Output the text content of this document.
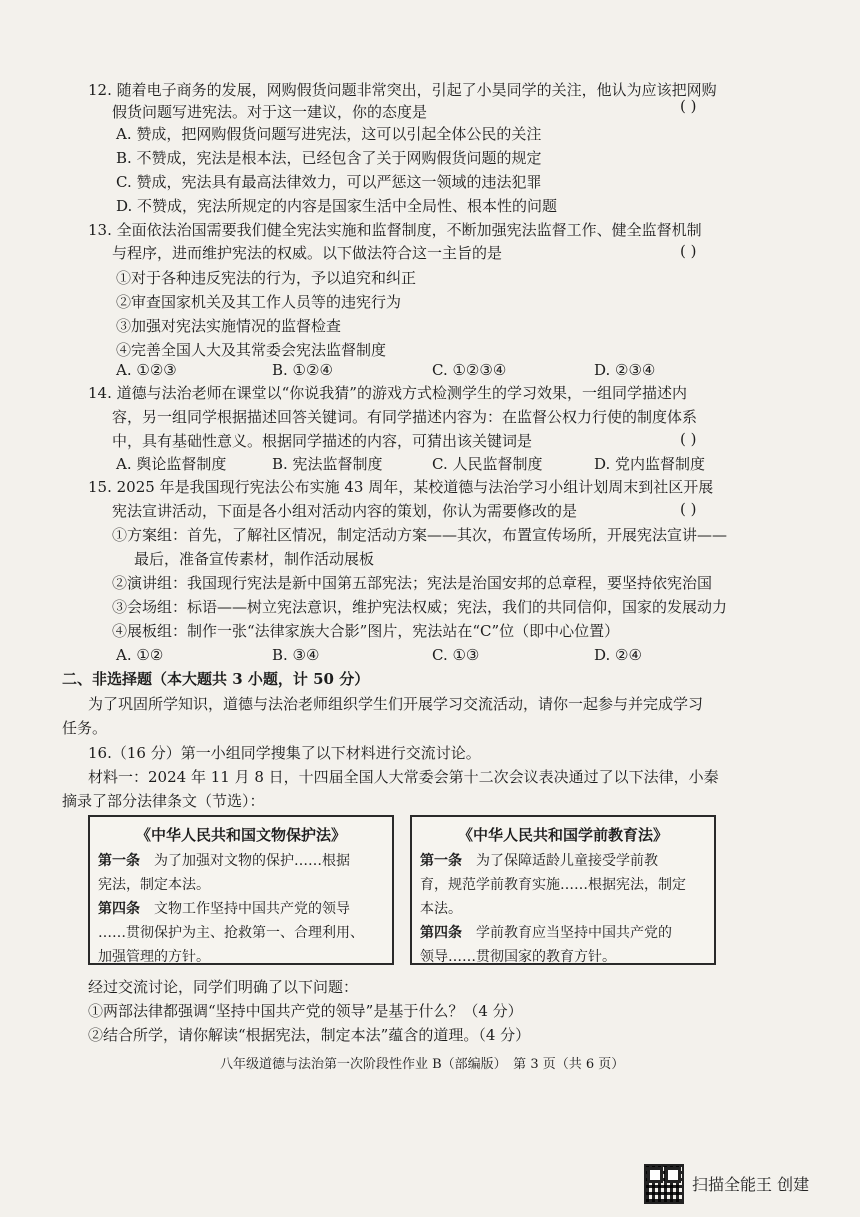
12. 随着电子商务的发展，网购假货问题非常突出，引起了小昊同学的关注，他认为应该把网购
假货问题写进宪法。对于这一建议，你的态度是	( )
A. 赞成，把网购假货问题写进宪法，这可以引起全体公民的关注
B. 不赞成，宪法是根本法，已经包含了关于网购假货问题的规定
C. 赞成，宪法具有最高法律效力，可以严惩这一领域的违法犯罪
D. 不赞成，宪法所规定的内容是国家生活中全局性、根本性的问题
13. 全面依法治国需要我们健全宪法实施和监督制度，不断加强宪法监督工作、健全监督机制
与程序，进而维护宪法的权威。以下做法符合这一主旨的是	( )
①对于各种违反宪法的行为，予以追究和纠正
②审查国家机关及其工作人员等的违宪行为
③加强对宪法实施情况的监督检查
④完善全国人大及其常委会宪法监督制度
A. ①②③	B. ①②④	C. ①②③④	D. ②③④
14. 道德与法治老师在课堂以“你说我猜”的游戏方式检测学生的学习效果，一组同学描述内
容，另一组同学根据描述回答关键词。有同学描述内容为：在监督公权力行使的制度体系
中，具有基础性意义。根据同学描述的内容，可猜出该关键词是	( )
A. 舆论监督制度	B. 宪法监督制度	C. 人民监督制度	D. 党内监督制度
15. 2025 年是我国现行宪法公布实施 43 周年，某校道德与法治学习小组计划周末到社区开展
宪法宣讲活动，下面是各小组对活动内容的策划，你认为需要修改的是	( )
①方案组：首先，了解社区情况，制定活动方案——其次，布置宣传场所，开展宪法宣讲——
最后，准备宣传素材，制作活动展板
②演讲组：我国现行宪法是新中国第五部宪法；宪法是治国安邦的总章程，要坚持依宪治国
③会场组：标语——树立宪法意识，维护宪法权威；宪法，我们的共同信仰，国家的发展动力
④展板组：制作一张“法律家族大合影”图片，宪法站在“C”位（即中心位置）
A. ①②	B. ③④	C. ①③	D. ②④
二、非选择题（本大题共 3 小题，计 50 分）
为了巩固所学知识，道德与法治老师组织学生们开展学习交流活动，请你一起参与并完成学习
任务。
16.（16 分）第一小组同学搜集了以下材料进行交流讨论。
材料一：2024 年 11 月 8 日，十四届全国人大常委会第十二次会议表决通过了以下法律，小秦
摘录了部分法律条文（节选）：
《中华人民共和国文物保护法》
第一条　为了加强对文物的保护……根据
宪法，制定本法。
第四条　文物工作坚持中国共产党的领导
……贯彻保护为主、抢救第一、合理利用、
加强管理的方针。
《中华人民共和国学前教育法》
第一条　为了保障适龄儿童接受学前教
育，规范学前教育实施……根据宪法，制定
本法。
第四条　学前教育应当坚持中国共产党的
领导……贯彻国家的教育方针。
经过交流讨论，同学们明确了以下问题：
①两部法律都强调“坚持中国共产党的领导”是基于什么？（4 分）
②结合所学，请你解读“根据宪法，制定本法”蕴含的道理。（4 分）
八年级道德与法治第一次阶段性作业 B（部编版）　第 3 页（共 6 页）
扫描全能王 创建
